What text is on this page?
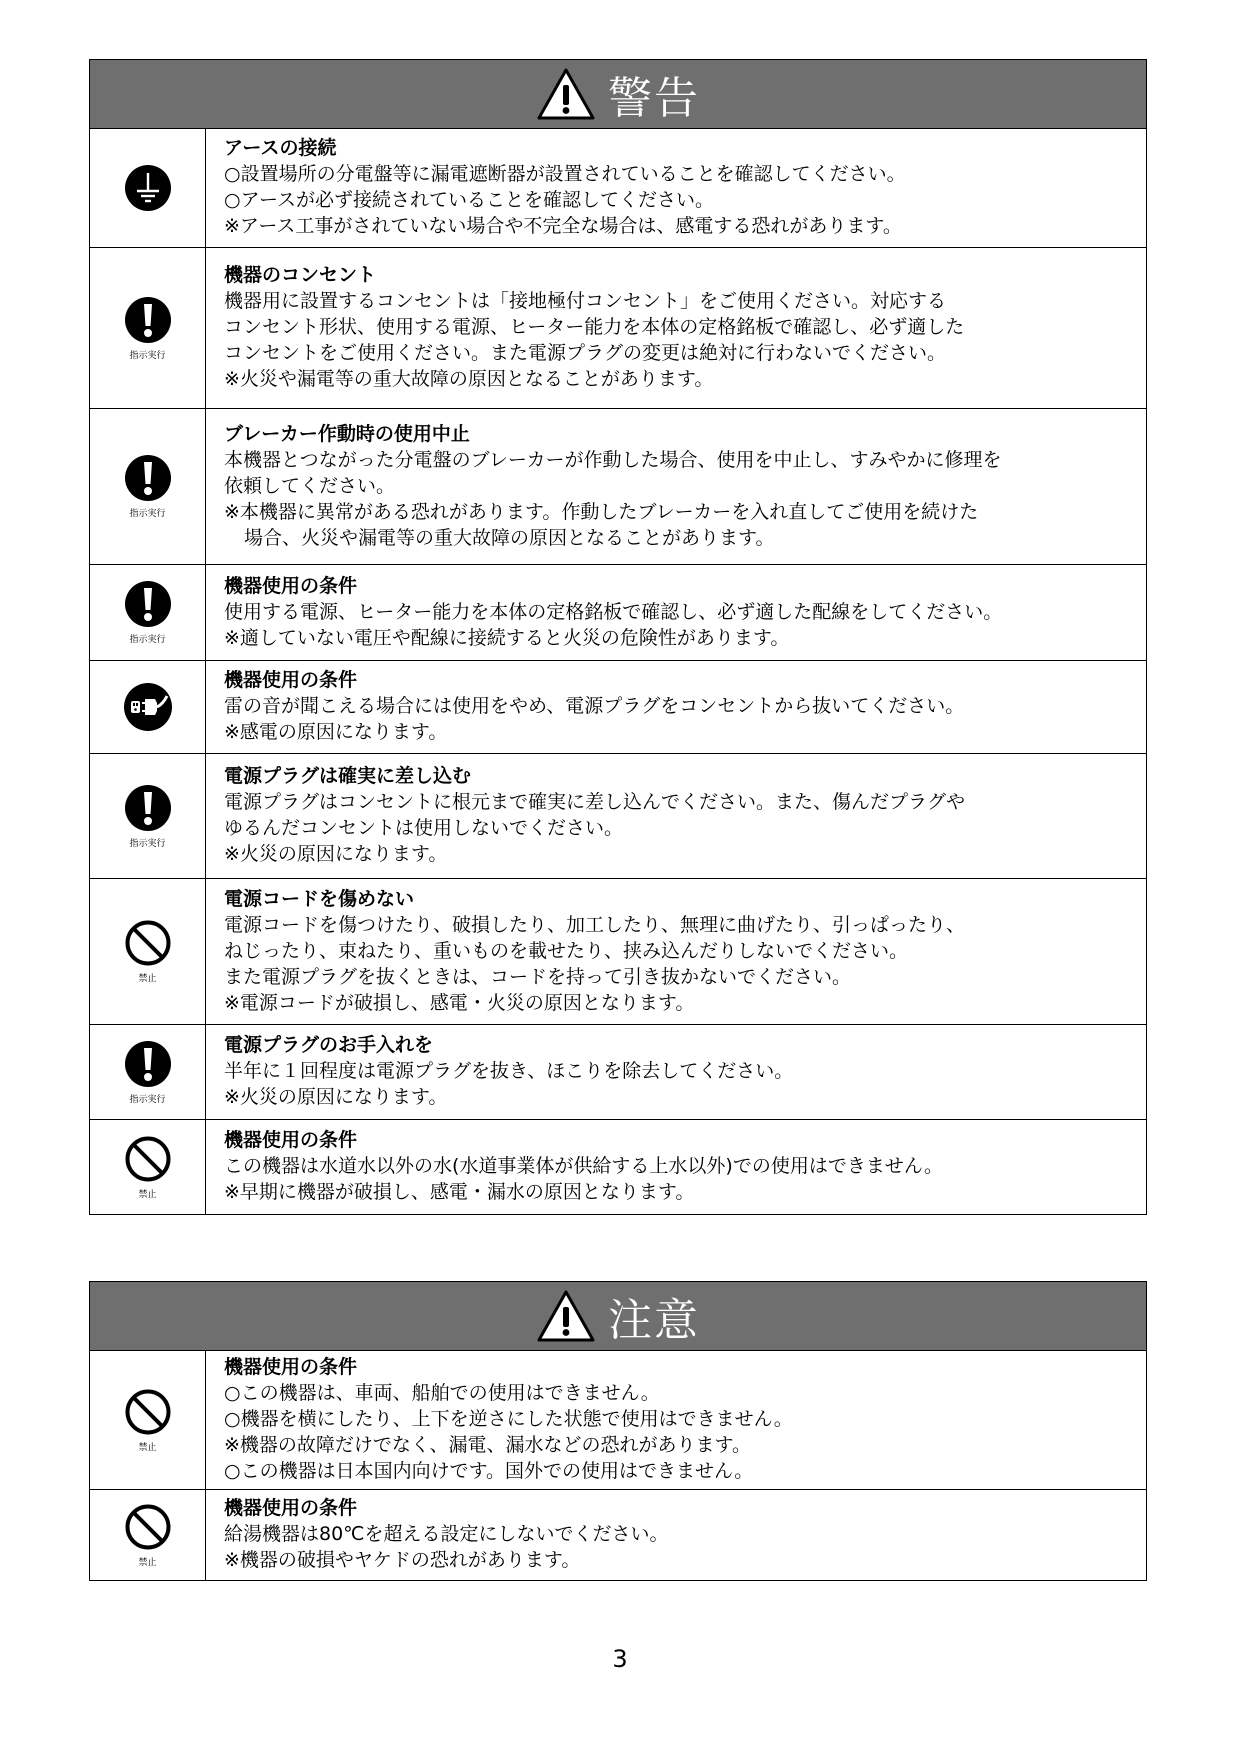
警告
アースの接続
○設置場所の分電盤等に漏電遮断器が設置されていることを確認してください。
○アースが必ず接続されていることを確認してください。
※アース工事がされていない場合や不完全な場合は、感電する恐れがあります。
指示実行
機器のコンセント
機器用に設置するコンセントは「接地極付コンセント」をご使用ください。対応する
コンセント形状、使用する電源、ヒーター能力を本体の定格銘板で確認し、必ず適した
コンセントをご使用ください。また電源プラグの変更は絶対に行わないでください。
※火災や漏電等の重大故障の原因となることがあります。
指示実行
ブレーカー作動時の使用中止
本機器とつながった分電盤のブレーカーが作動した場合、使用を中止し、すみやかに修理を
依頼してください。
※本機器に異常がある恐れがあります。作動したブレーカーを入れ直してご使用を続けた
場合、火災や漏電等の重大故障の原因となることがあります。
指示実行
機器使用の条件
使用する電源、ヒーター能力を本体の定格銘板で確認し、必ず適した配線をしてください。
※適していない電圧や配線に接続すると火災の危険性があります。
機器使用の条件
雷の音が聞こえる場合には使用をやめ、電源プラグをコンセントから抜いてください。
※感電の原因になります。
指示実行
電源プラグは確実に差し込む
電源プラグはコンセントに根元まで確実に差し込んでください。また、傷んだプラグや
ゆるんだコンセントは使用しないでください。
※火災の原因になります。
禁止
電源コードを傷めない
電源コードを傷つけたり、破損したり、加工したり、無理に曲げたり、引っぱったり、
ねじったり、束ねたり、重いものを載せたり、挟み込んだりしないでください。
また電源プラグを抜くときは、コードを持って引き抜かないでください。
※電源コードが破損し、感電・火災の原因となります。
指示実行
電源プラグのお手入れを
半年に１回程度は電源プラグを抜き、ほこりを除去してください。
※火災の原因になります。
禁止
機器使用の条件
この機器は水道水以外の水(水道事業体が供給する上水以外)での使用はできません。
※早期に機器が破損し、感電・漏水の原因となります。
注意
禁止
機器使用の条件
○この機器は、車両、船舶での使用はできません。
○機器を横にしたり、上下を逆さにした状態で使用はできません。
※機器の故障だけでなく、漏電、漏水などの恐れがあります。
○この機器は日本国内向けです。国外での使用はできません。
禁止
機器使用の条件
給湯機器は80℃を超える設定にしないでください。
※機器の破損やヤケドの恐れがあります。
3
